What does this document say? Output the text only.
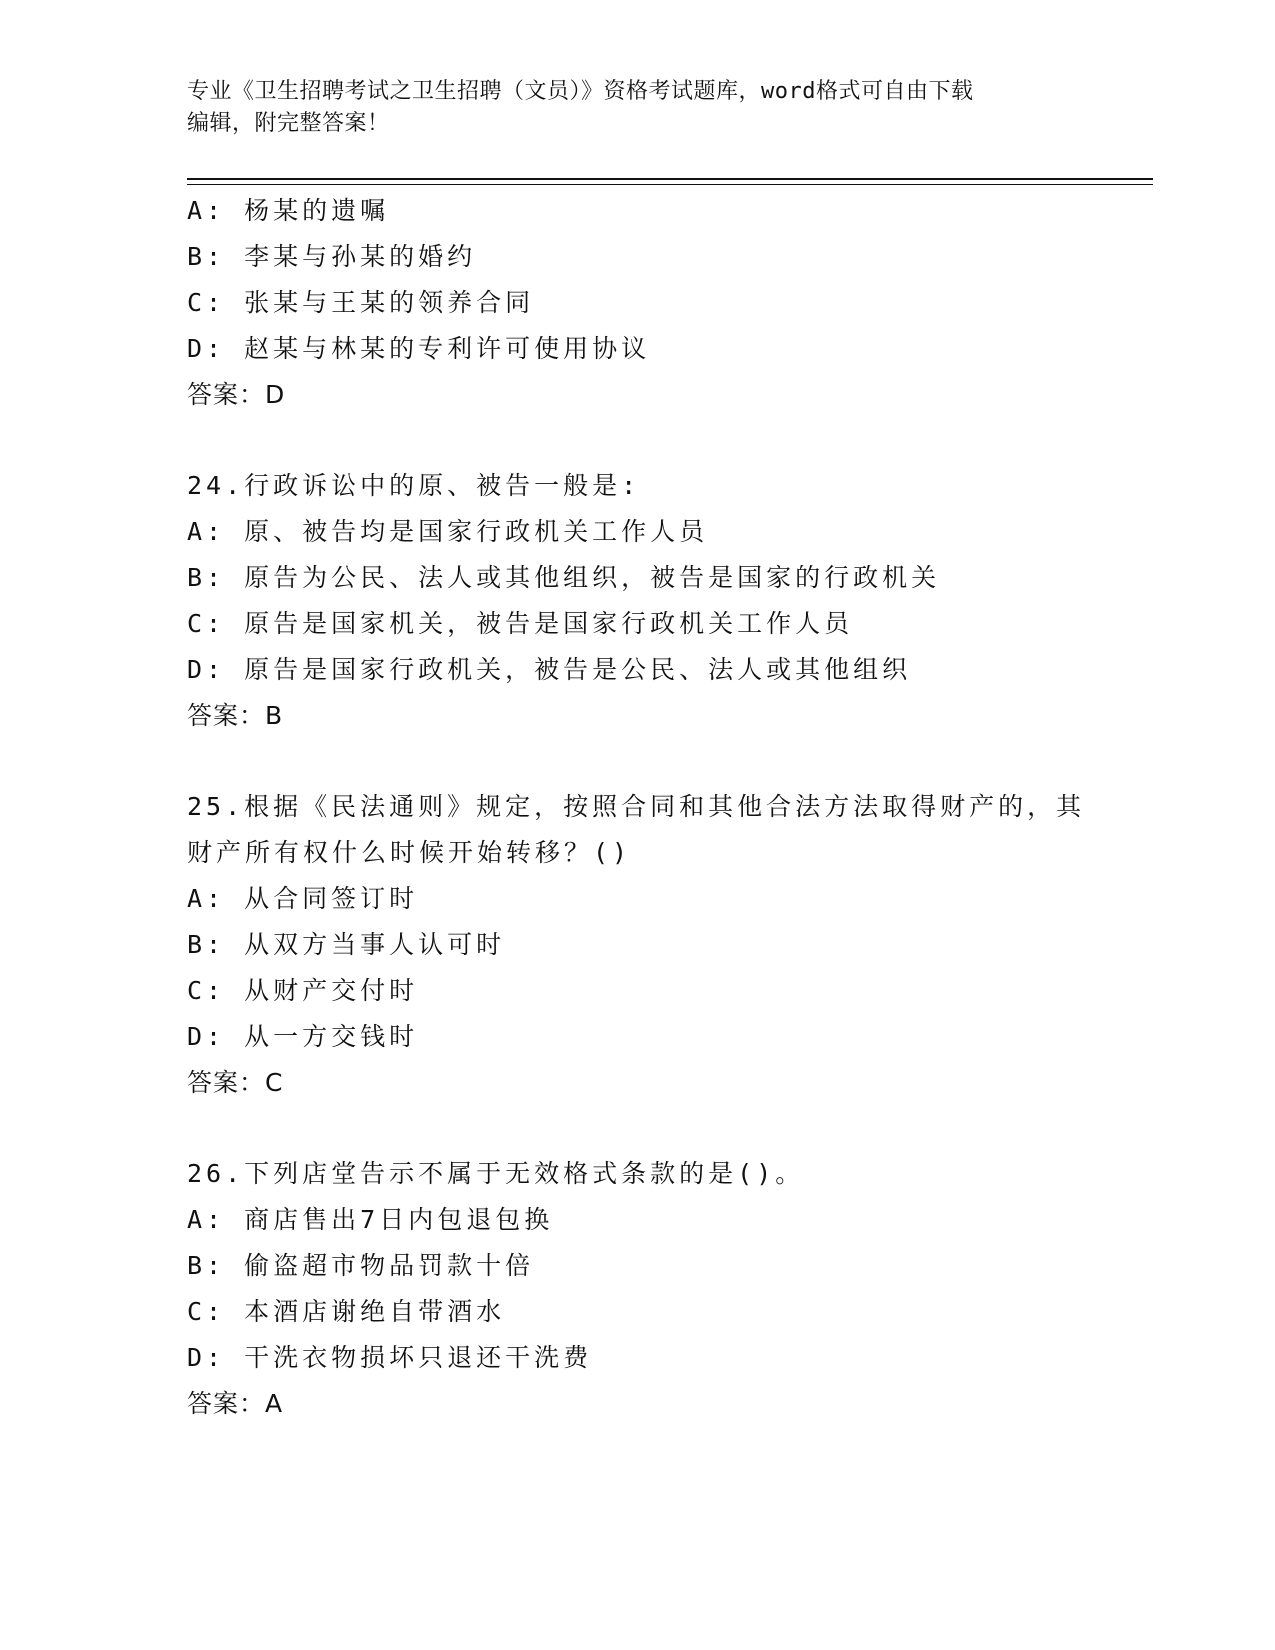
专业《卫生招聘考试之卫生招聘（文员）》资格考试题库，word格式可自由下载
编辑，附完整答案！
A: 杨某的遗嘱
B: 李某与孙某的婚约
C: 张某与王某的领养合同
D: 赵某与林某的专利许可使用协议
答案：D
24.行政诉讼中的原、被告一般是:
A: 原、被告均是国家行政机关工作人员
B: 原告为公民、法人或其他组织，被告是国家的行政机关
C: 原告是国家机关，被告是国家行政机关工作人员
D: 原告是国家行政机关，被告是公民、法人或其他组织
答案：B
25.根据《民法通则》规定，按照合同和其他合法方法取得财产的，其
财产所有权什么时候开始转移？()
A: 从合同签订时
B: 从双方当事人认可时
C: 从财产交付时
D: 从一方交钱时
答案：C
26.下列店堂告示不属于无效格式条款的是()。
A: 商店售出7日内包退包换
B: 偷盗超市物品罚款十倍
C: 本酒店谢绝自带酒水
D: 干洗衣物损坏只退还干洗费
答案：A
